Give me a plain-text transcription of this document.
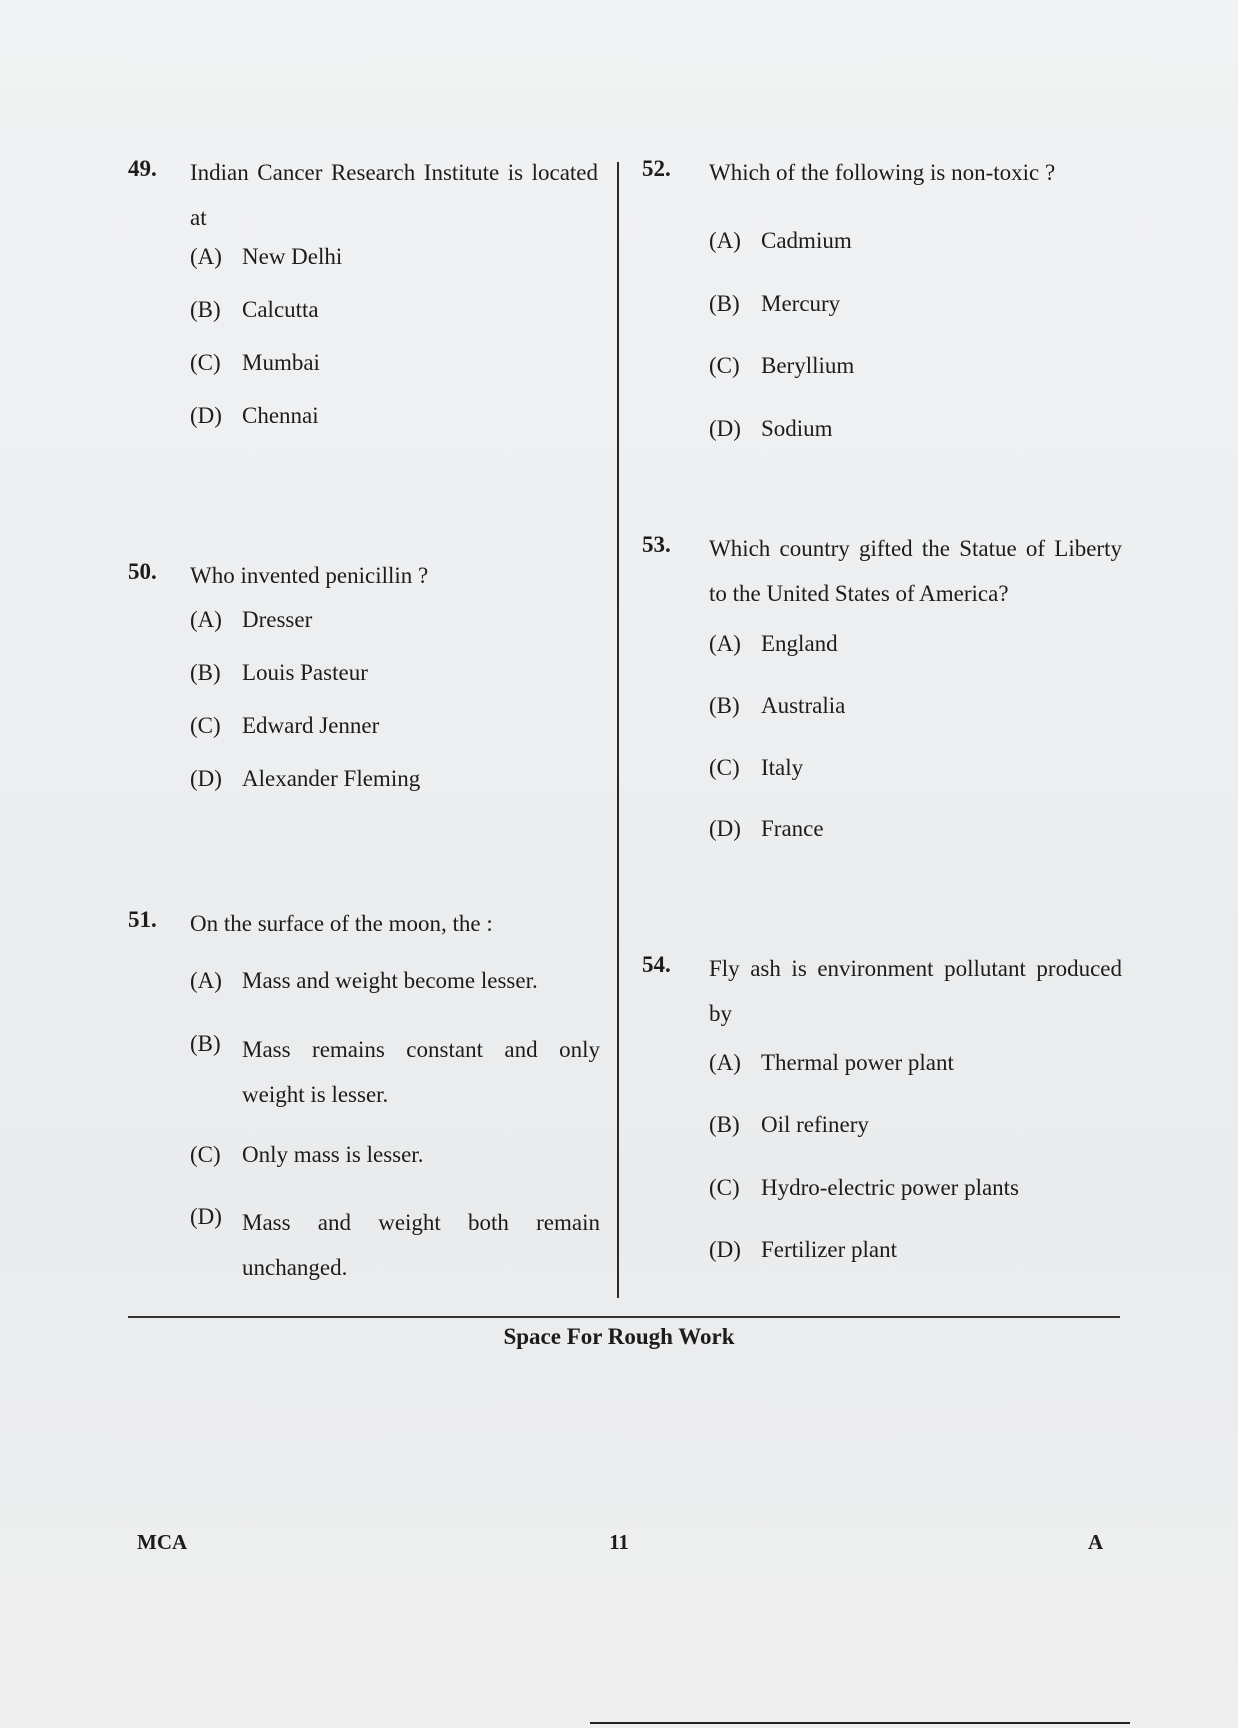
49. Indian Cancer Research Institute is located at
(A) New Delhi
(B) Calcutta
(C) Mumbai
(D) Chennai
50. Who invented penicillin ?
(A) Dresser
(B) Louis Pasteur
(C) Edward Jenner
(D) Alexander Fleming
51. On the surface of the moon, the :
(A) Mass and weight become lesser.
(B) Mass remains constant and only weight is lesser.
(C) Only mass is lesser.
(D) Mass and weight both remain unchanged.
52. Which of the following is non-toxic ?
(A) Cadmium
(B) Mercury
(C) Beryllium
(D) Sodium
53. Which country gifted the Statue of Liberty to the United States of America?
(A) England
(B) Australia
(C) Italy
(D) France
54. Fly ash is environment pollutant produced by
(A) Thermal power plant
(B) Oil refinery
(C) Hydro-electric power plants
(D) Fertilizer plant
Space For Rough Work
MCA	11	A
